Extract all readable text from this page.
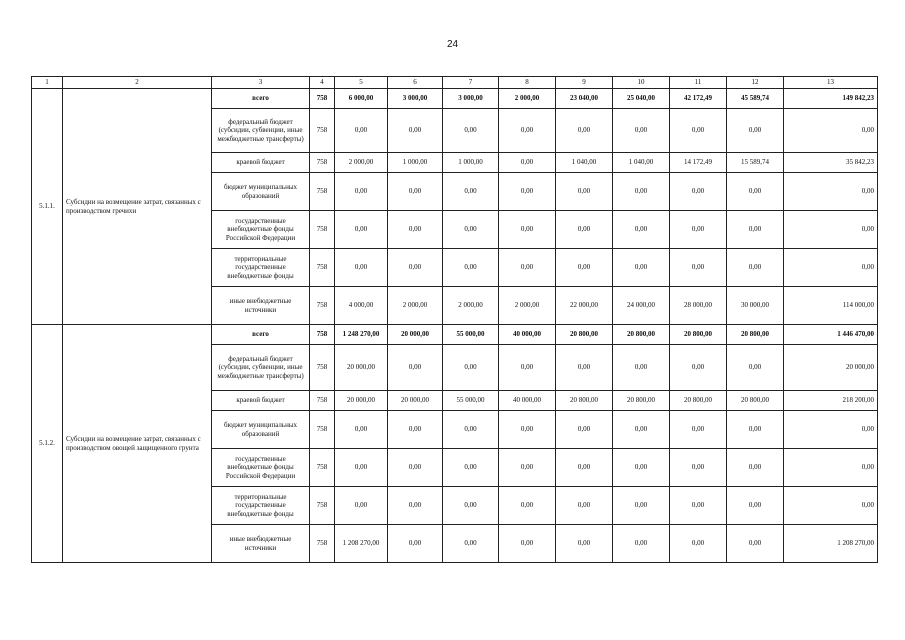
24
1	2	3	4	5	6	7	8	9	10	11	12	13
5.1.1.	Субсидии на возмещение затрат, связанных с производством гречихи	всего	758	6 000,00	3 000,00	3 000,00	2 000,00	23 040,00	25 040,00	42 172,49	45 589,74	149 842,23
		федеральный бюджет (субсидии, субвенции, иные межбюджетные трансферты)	758	0,00	0,00	0,00	0,00	0,00	0,00	0,00	0,00	0,00
		краевой бюджет	758	2 000,00	1 000,00	1 000,00	0,00	1 040,00	1 040,00	14 172,49	15 589,74	35 842,23
		бюджет муниципальных образований	758	0,00	0,00	0,00	0,00	0,00	0,00	0,00	0,00	0,00
		государственные внебюджетные фонды Российской Федерации	758	0,00	0,00	0,00	0,00	0,00	0,00	0,00	0,00	0,00
		территориальные государственные внебюджетные фонды	758	0,00	0,00	0,00	0,00	0,00	0,00	0,00	0,00	0,00
		иные внебюджетные источники	758	4 000,00	2 000,00	2 000,00	2 000,00	22 000,00	24 000,00	28 000,00	30 000,00	114 000,00
5.1.2.	Субсидии на возмещение затрат, связанных с производством овощей защищенного грунта	всего	758	1 248 270,00	20 000,00	55 000,00	40 000,00	20 800,00	20 800,00	20 800,00	20 800,00	1 446 470,00
		федеральный бюджет (субсидии, субвенции, иные межбюджетные трансферты)	758	20 000,00	0,00	0,00	0,00	0,00	0,00	0,00	0,00	20 000,00
		краевой бюджет	758	20 000,00	20 000,00	55 000,00	40 000,00	20 800,00	20 800,00	20 800,00	20 800,00	218 200,00
		бюджет муниципальных образований	758	0,00	0,00	0,00	0,00	0,00	0,00	0,00	0,00	0,00
		государственные внебюджетные фонды Российской Федерации	758	0,00	0,00	0,00	0,00	0,00	0,00	0,00	0,00	0,00
		территориальные государственные внебюджетные фонды	758	0,00	0,00	0,00	0,00	0,00	0,00	0,00	0,00	0,00
		иные внебюджетные источники	758	1 208 270,00	0,00	0,00	0,00	0,00	0,00	0,00	0,00	1 208 270,00
